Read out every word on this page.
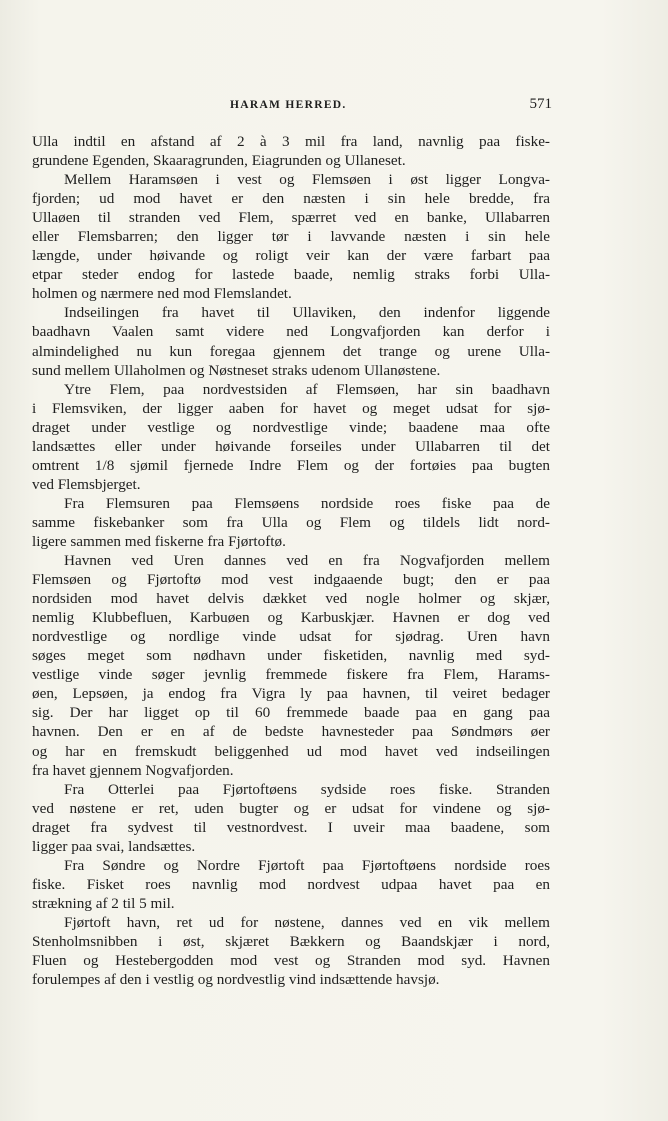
HARAM HERRED.	571
Ulla indtil en afstand af 2 à 3 mil fra land, navnlig paa fiske-
grundene Egenden, Skaaragrunden, Eiagrunden og Ullaneset.
Mellem Haramsøen i vest og Flemsøen i øst ligger Longva-
fjorden; ud mod havet er den næsten i sin hele bredde, fra
Ullaøen til stranden ved Flem, spærret ved en banke, Ullabarren
eller Flemsbarren; den ligger tør i lavvande næsten i sin hele
længde, under høivande og roligt veir kan der være farbart paa
etpar steder endog for lastede baade, nemlig straks forbi Ulla-
holmen og nærmere ned mod Flemslandet.
Indseilingen fra havet til Ullaviken, den indenfor liggende
baadhavn Vaalen samt videre ned Longvafjorden kan derfor i
almindelighed nu kun foregaa gjennem det trange og urene Ulla-
sund mellem Ullaholmen og Nøstneset straks udenom Ullanøstene.
Ytre Flem, paa nordvestsiden af Flemsøen, har sin baadhavn
i Flemsviken, der ligger aaben for havet og meget udsat for sjø-
draget under vestlige og nordvestlige vinde; baadene maa ofte
landsættes eller under høivande forseiles under Ullabarren til det
omtrent 1/8 sjømil fjernede Indre Flem og der fortøies paa bugten
ved Flemsbjerget.
Fra Flemsuren paa Flemsøens nordside roes fiske paa de
samme fiskebanker som fra Ulla og Flem og tildels lidt nord-
ligere sammen med fiskerne fra Fjørtoftø.
Havnen ved Uren dannes ved en fra Nogvafjorden mellem
Flemsøen og Fjørtoftø mod vest indgaaende bugt; den er paa
nordsiden mod havet delvis dækket ved nogle holmer og skjær,
nemlig Klubbefluen, Karbuøen og Karbuskjær. Havnen er dog ved
nordvestlige og nordlige vinde udsat for sjødrag. Uren havn
søges meget som nødhavn under fisketiden, navnlig med syd-
vestlige vinde søger jevnlig fremmede fiskere fra Flem, Harams-
øen, Lepsøen, ja endog fra Vigra ly paa havnen, til veiret bedager
sig. Der har ligget op til 60 fremmede baade paa en gang paa
havnen. Den er en af de bedste havnesteder paa Søndmørs øer
og har en fremskudt beliggenhed ud mod havet ved indseilingen
fra havet gjennem Nogvafjorden.
Fra Otterlei paa Fjørtoftøens sydside roes fiske. Stranden
ved nøstene er ret, uden bugter og er udsat for vindene og sjø-
draget fra sydvest til vestnordvest. I uveir maa baadene, som
ligger paa svai, landsættes.
Fra Søndre og Nordre Fjørtoft paa Fjørtoftøens nordside roes
fiske. Fisket roes navnlig mod nordvest udpaa havet paa en
strækning af 2 til 5 mil.
Fjørtoft havn, ret ud for nøstene, dannes ved en vik mellem
Stenholmsnibben i øst, skjæret Bækkern og Baandskjær i nord,
Fluen og Hestebergodden mod vest og Stranden mod syd. Havnen
forulempes af den i vestlig og nordvestlig vind indsættende havsjø.
